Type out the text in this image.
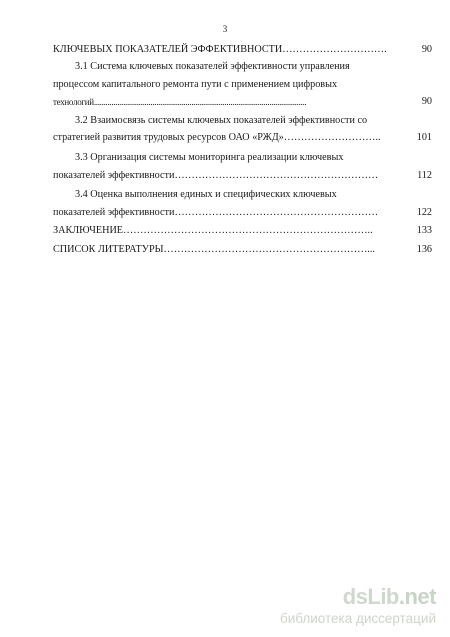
3
КЛЮЧЕВЫХ ПОКАЗАТЕЛЕЙ ЭФФЕКТИВНОСТИ………………………….	90
3.1 Система ключевых показателей эффективности управления
процессом капитального ремонта пути с применением цифровых
технологий.............................................................................................................	90
3.2 Взаимосвязь системы ключевых показателей эффективности со
стратегией развития трудовых ресурсов ОАО «РЖД»………………………..	101
3.3 Организация системы мониторинга реализации ключевых
показателей эффективности……………………………………………………	112
3.4 Оценка выполнения единых и специфических ключевых
показателей эффективности……………………………………………………	122
ЗАКЛЮЧЕНИЕ………………………………………………………………..	133
СПИСОК ЛИТЕРАТУРЫ……………………………………………………...	136
dsLib.net
библиотека диссертаций
